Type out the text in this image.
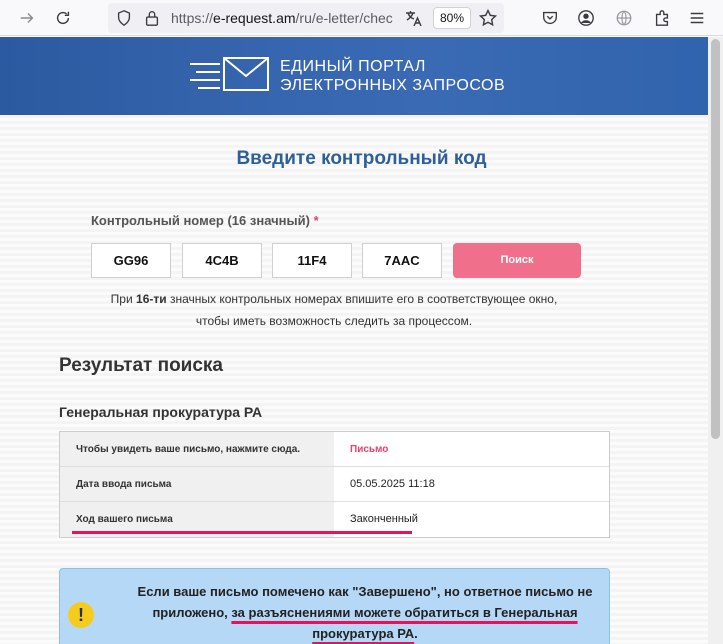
https://e-request.am/ru/e-letter/chec	80%
ЕДИНЫЙ ПОРТАЛ
ЭЛЕКТРОННЫХ ЗАПРОСОВ
Введите контрольный код
Контрольный номер (16 значный) *
GG96	4C4B	11F4	7AAC	Поиск
При 16-ти значных контрольных номерах впишите его в соответствующее окно,
чтобы иметь возможность следить за процессом.
Результат поиска
Генеральная прокуратура РА
Чтобы увидеть ваше письмо, нажмите сюда.	Письмо
Дата ввода письма	05.05.2025 11:18
Ход вашего письма	Законченный
!
Если ваше письмо помечено как "Завершено", но ответное письмо не приложено, за разъяснениями можете обратиться в Генеральная прокуратура РА.
